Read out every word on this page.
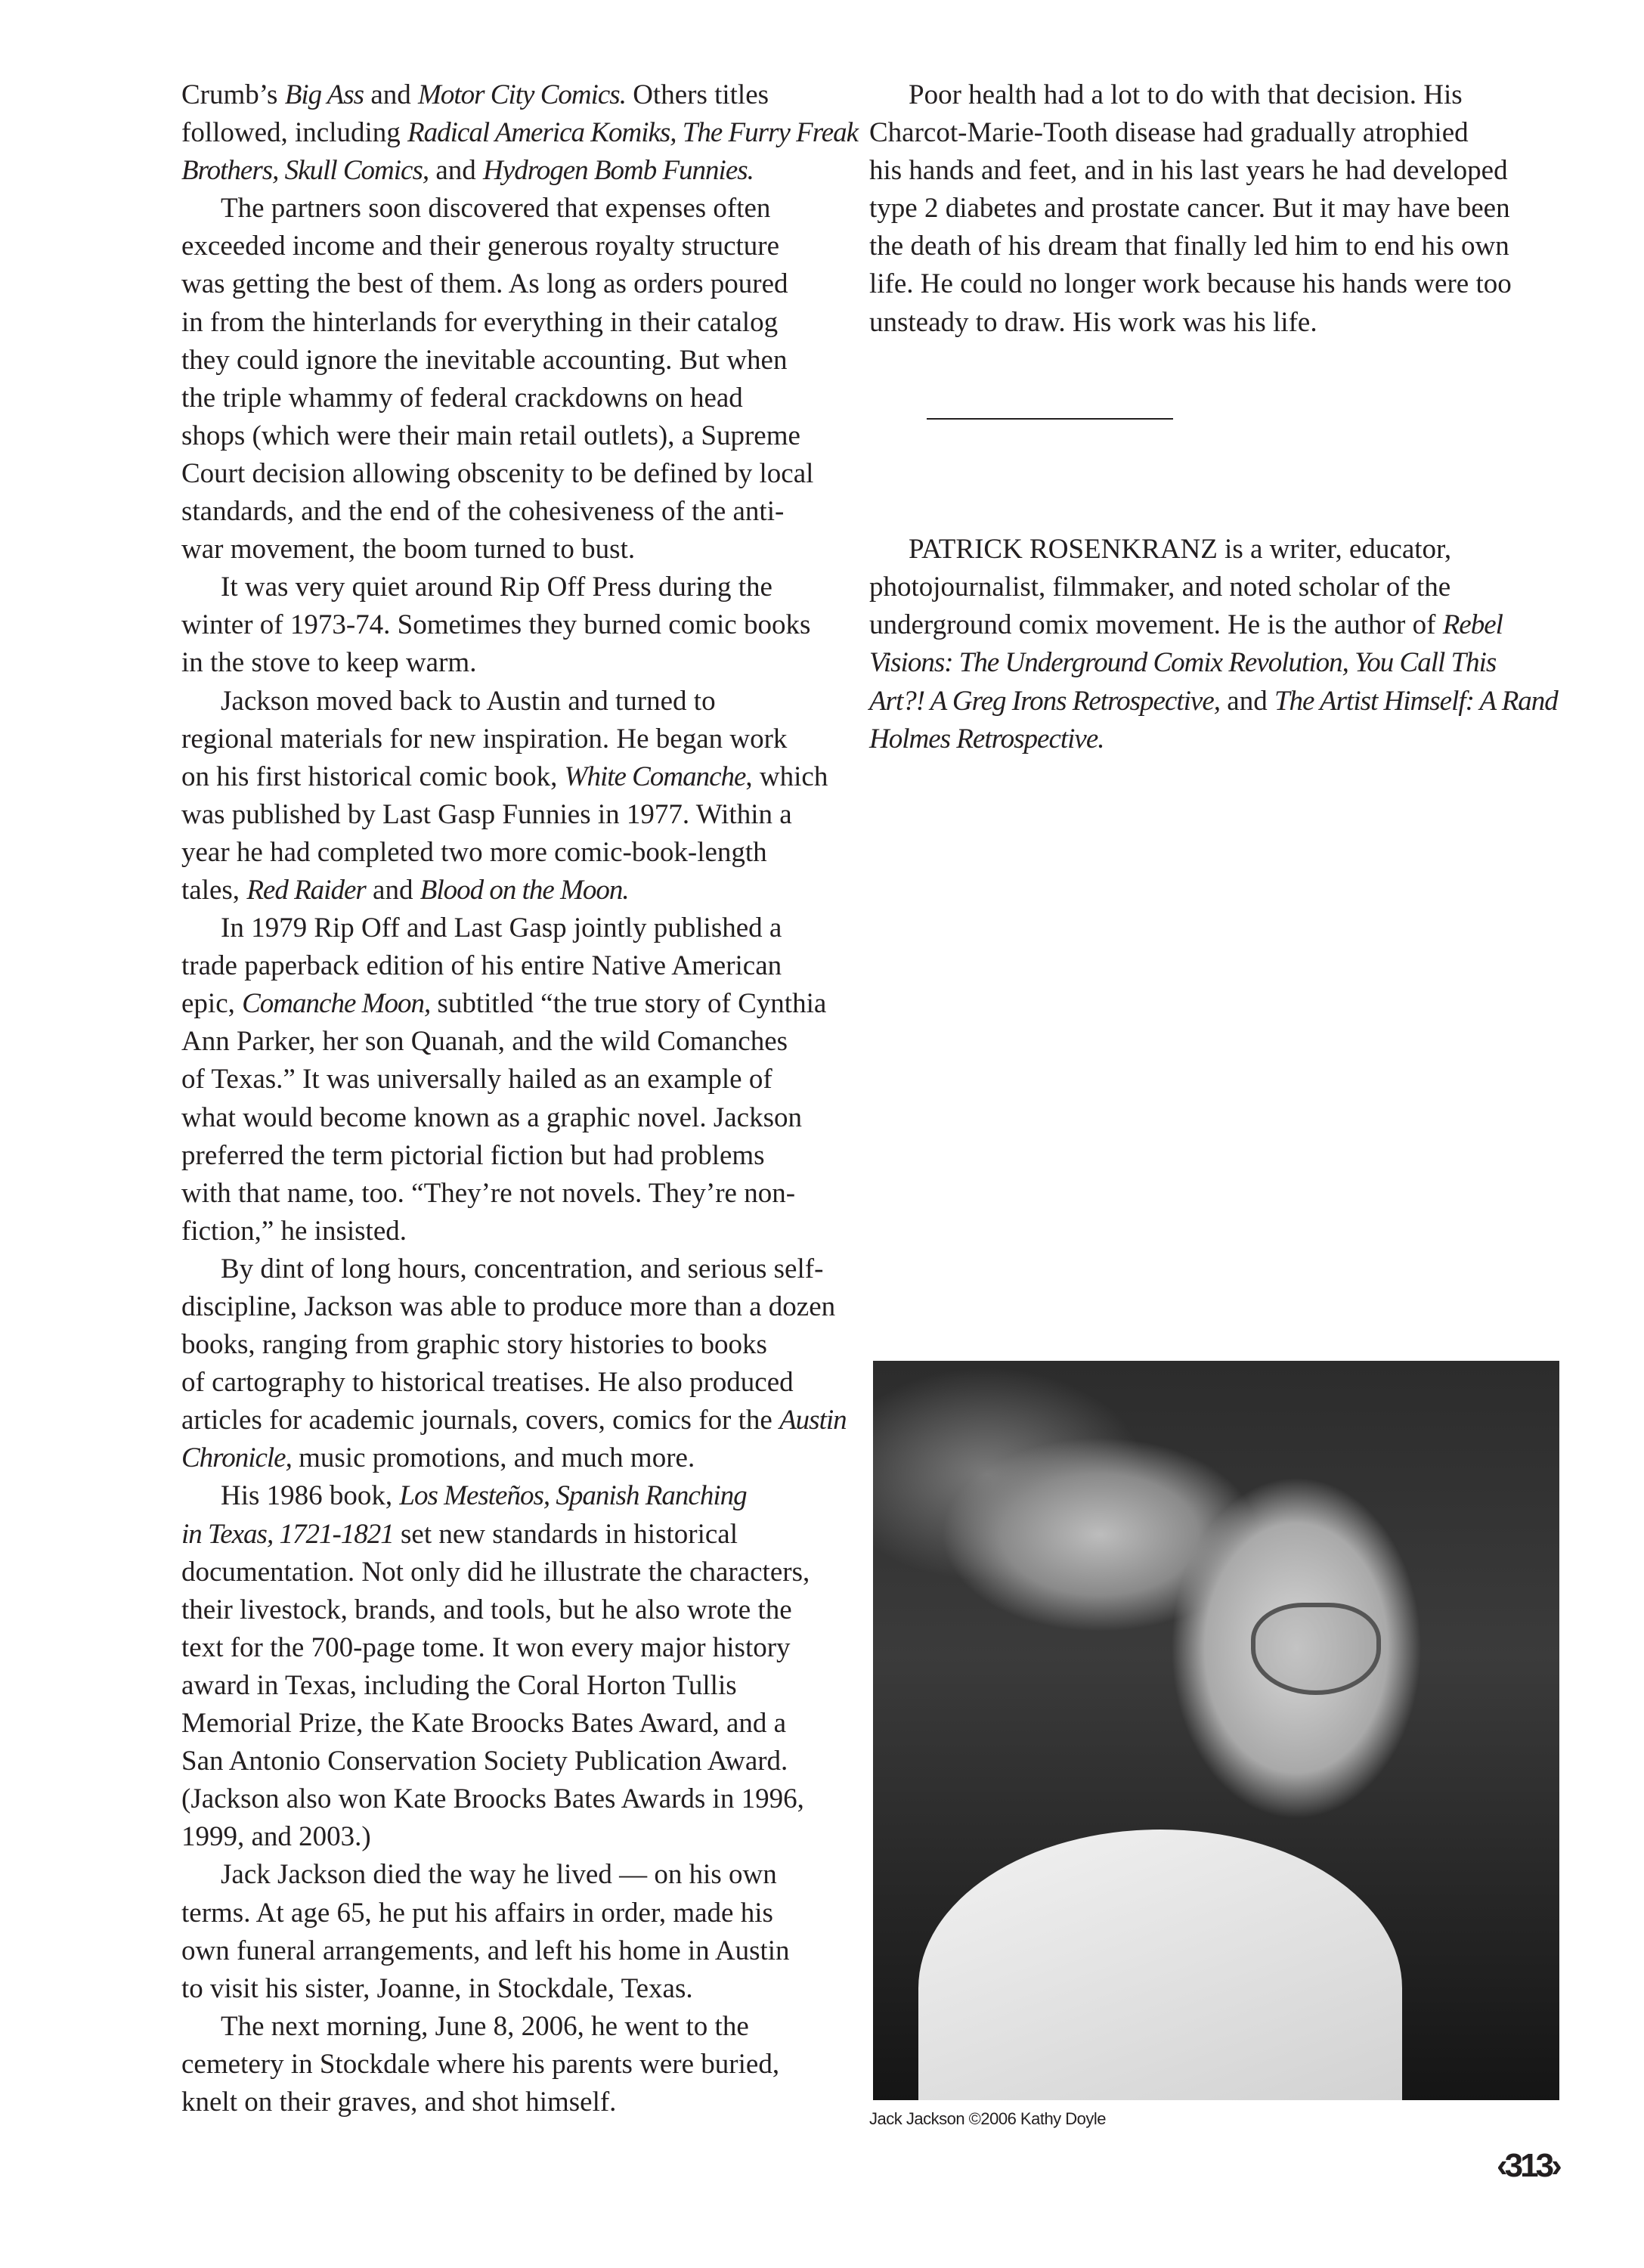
Crumb’s Big Ass and Motor City Comics. Others titles
followed, including Radical America Komiks, The Furry Freak
Brothers, Skull Comics, and Hydrogen Bomb Funnies.
The partners soon discovered that expenses often
exceeded income and their generous royalty structure
was getting the best of them. As long as orders poured
in from the hinterlands for everything in their catalog
they could ignore the inevitable accounting. But when
the triple whammy of federal crackdowns on head
shops (which were their main retail outlets), a Supreme
Court decision allowing obscenity to be defined by local
standards, and the end of the cohesiveness of the anti-
war movement, the boom turned to bust.
It was very quiet around Rip Off Press during the
winter of 1973-74. Sometimes they burned comic books
in the stove to keep warm.
Jackson moved back to Austin and turned to
regional materials for new inspiration. He began work
on his first historical comic book, White Comanche, which
was published by Last Gasp Funnies in 1977. Within a
year he had completed two more comic-book-length
tales, Red Raider and Blood on the Moon.
In 1979 Rip Off and Last Gasp jointly published a
trade paperback edition of his entire Native American
epic, Comanche Moon, subtitled “the true story of Cynthia
Ann Parker, her son Quanah, and the wild Comanches
of Texas.” It was universally hailed as an example of
what would become known as a graphic novel. Jackson
preferred the term pictorial fiction but had problems
with that name, too. “They’re not novels. They’re non-
fiction,” he insisted.
By dint of long hours, concentration, and serious self-
discipline, Jackson was able to produce more than a dozen
books, ranging from graphic story histories to books
of cartography to historical treatises. He also produced
articles for academic journals, covers, comics for the Austin
Chronicle, music promotions, and much more.
His 1986 book, Los Mesteños, Spanish Ranching
in Texas, 1721-1821 set new standards in historical
documentation. Not only did he illustrate the characters,
their livestock, brands, and tools, but he also wrote the
text for the 700-page tome. It won every major history
award in Texas, including the Coral Horton Tullis
Memorial Prize, the Kate Broocks Bates Award, and a
San Antonio Conservation Society Publication Award.
(Jackson also won Kate Broocks Bates Awards in 1996,
1999, and 2003.)
Jack Jackson died the way he lived — on his own
terms. At age 65, he put his affairs in order, made his
own funeral arrangements, and left his home in Austin
to visit his sister, Joanne, in Stockdale, Texas.
The next morning, June 8, 2006, he went to the
cemetery in Stockdale where his parents were buried,
knelt on their graves, and shot himself.
Poor health had a lot to do with that decision. His
Charcot-Marie-Tooth disease had gradually atrophied
his hands and feet, and in his last years he had developed
type 2 diabetes and prostate cancer. But it may have been
the death of his dream that finally led him to end his own
life. He could no longer work because his hands were too
unsteady to draw. His work was his life.
PATRICK ROSENKRANZ is a writer, educator,
photojournalist, filmmaker, and noted scholar of the
underground comix movement. He is the author of Rebel
Visions: The Underground Comix Revolution, You Call This
Art?! A Greg Irons Retrospective, and The Artist Himself: A Rand
Holmes Retrospective.
Jack Jackson ©2006 Kathy Doyle
‹313›
